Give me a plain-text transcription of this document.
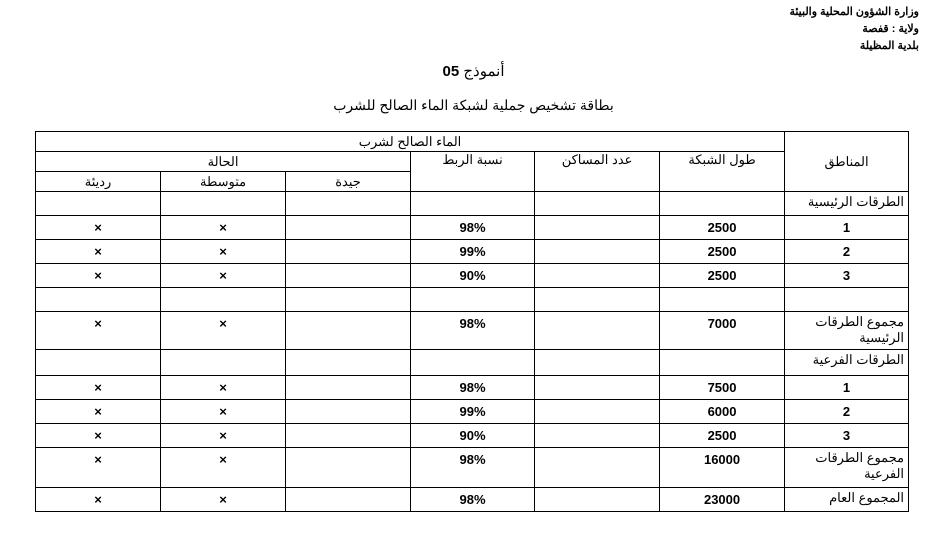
وزارة الشؤون المحلية والبيئة
ولاية : قفصة
بلدية المظيلة
أنموذج 05
بطاقة تشخيص جملية لشبكة الماء الصالح للشرب
المناطق	الماء الصالح لشرب					
	طول الشبكة	عدد المساكن	نسبة الربط	الحالة		
				جيدة	متوسطة	رديئة
الطرقات الرئيسية						
1	2500		98%		×	×
2	2500		99%		×	×
3	2500		90%		×	×

مجموع الطرقات الرئيسية	7000		98%		×	×
الطرقات الفرعية						
1	7500		98%		×	×
2	6000		99%		×	×
3	2500		90%		×	×
مجموع الطرقات الفرعية	16000		98%		×	×
المجموع العام	23000		98%		×	×
